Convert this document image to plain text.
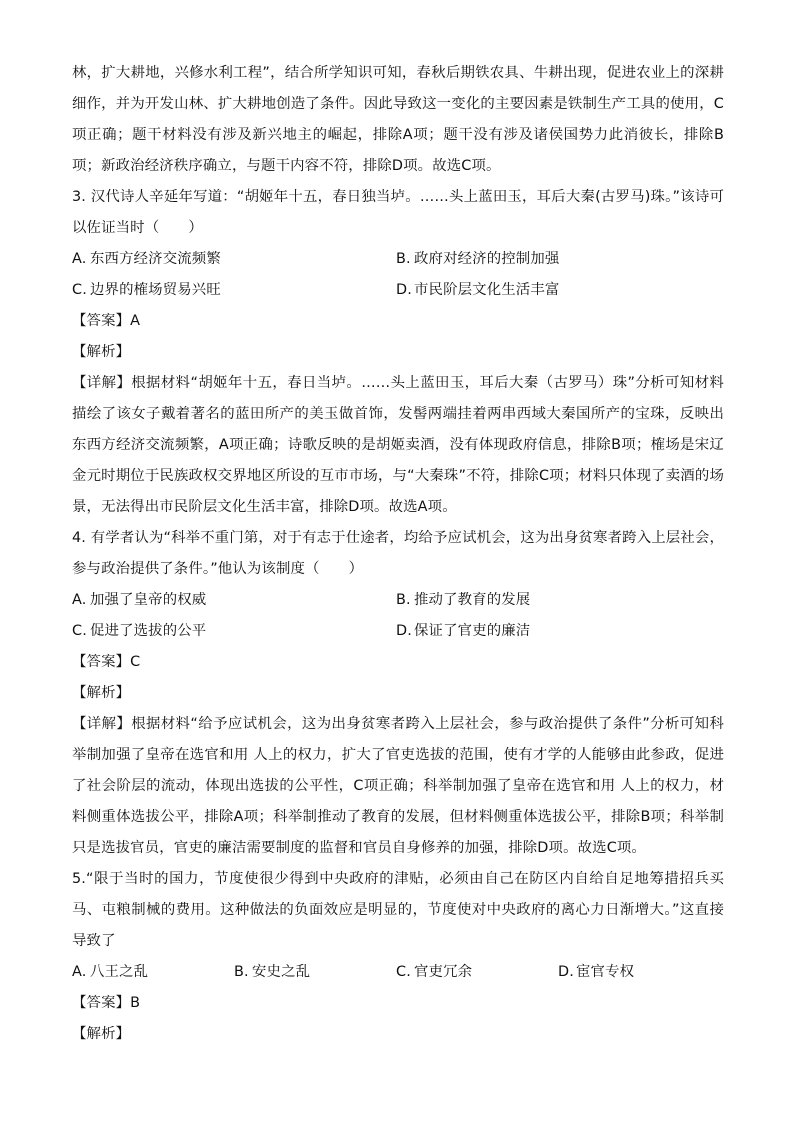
林，扩大耕地，兴修水利工程”，结合所学知识可知，春秋后期铁农具、牛耕出现，促进农业上的深耕细作，并为开发山林、扩大耕地创造了条件。因此导致这一变化的主要因素是铁制生产工具的使用，C项正确；题干材料没有涉及新兴地主的崛起，排除A项；题干没有涉及诸侯国势力此消彼长，排除B项；新政治经济秩序确立，与题干内容不符，排除D项。故选C项。

3. 汉代诗人辛延年写道：“胡姬年十五，春日独当垆。……头上蓝田玉，耳后大秦(古罗马)珠。”该诗可以佐证当时（　　）

A. 东西方经济交流频繁	B. 政府对经济的控制加强
C. 边界的榷场贸易兴旺	D. 市民阶层文化生活丰富

【答案】A

【解析】

【详解】根据材料“胡姬年十五，春日当垆。……头上蓝田玉，耳后大秦（古罗马）珠”分析可知材料描绘了该女子戴着著名的蓝田所产的美玉做首饰，发髻两端挂着两串西域大秦国所产的宝珠，反映出东西方经济交流频繁，A项正确；诗歌反映的是胡姬卖酒，没有体现政府信息，排除B项；榷场是宋辽金元时期位于民族政权交界地区所设的互市市场，与“大秦珠”不符，排除C项；材料只体现了卖酒的场景，无法得出市民阶层文化生活丰富，排除D项。故选A项。

4. 有学者认为“科举不重门第，对于有志于仕途者，均给予应试机会，这为出身贫寒者跨入上层社会，参与政治提供了条件。”他认为该制度（　　）

A. 加强了皇帝的权威	B. 推动了教育的发展
C. 促进了选拔的公平	D. 保证了官吏的廉洁

【答案】C

【解析】

【详解】根据材料“给予应试机会，这为出身贫寒者跨入上层社会，参与政治提供了条件”分析可知科举制加强了皇帝在选官和用 人上的权力，扩大了官吏选拔的范围，使有才学的人能够由此参政，促进了社会阶层的流动，体现出选拔的公平性，C项正确；科举制加强了皇帝在选官和用 人上的权力，材料侧重体选拔公平，排除A项；科举制推动了教育的发展，但材料侧重体选拔公平，排除B项；科举制只是选拔官员，官吏的廉洁需要制度的监督和官员自身修养的加强，排除D项。故选C项。

5.“限于当时的国力，节度使很少得到中央政府的津贴，必须由自己在防区内自给自足地筹措招兵买马、屯粮制械的费用。这种做法的负面效应是明显的，节度使对中央政府的离心力日渐增大。”这直接导致了

A. 八王之乱	B. 安史之乱	C. 官吏冗余	D. 宦官专权

【答案】B

【解析】
